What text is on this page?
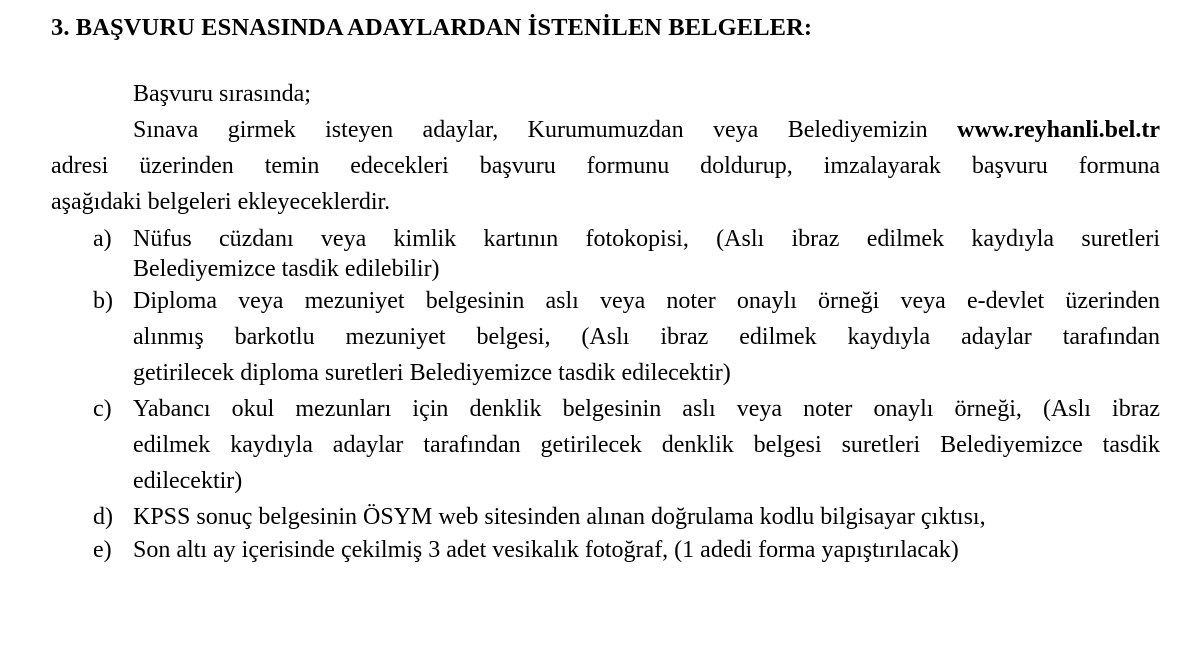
3. BAŞVURU ESNASINDA ADAYLARDAN İSTENİLEN BELGELER:
Başvuru sırasında;
Sınava girmek isteyen adaylar, Kurumumuzdan veya Belediyemizin www.reyhanli.bel.tr
adresi üzerinden temin edecekleri başvuru formunu doldurup, imzalayarak başvuru formuna
aşağıdaki belgeleri ekleyeceklerdir.
a) Nüfus cüzdanı veya kimlik kartının fotokopisi, (Aslı ibraz edilmek kaydıyla suretleri
Belediyemizce tasdik edilebilir)
b) Diploma veya mezuniyet belgesinin aslı veya noter onaylı örneği veya e-devlet üzerinden
alınmış barkotlu mezuniyet belgesi, (Aslı ibraz edilmek kaydıyla adaylar tarafından
getirilecek diploma suretleri Belediyemizce tasdik edilecektir)
c) Yabancı okul mezunları için denklik belgesinin aslı veya noter onaylı örneği, (Aslı ibraz
edilmek kaydıyla adaylar tarafından getirilecek denklik belgesi suretleri Belediyemizce tasdik
edilecektir)
d) KPSS sonuç belgesinin ÖSYM web sitesinden alınan doğrulama kodlu bilgisayar çıktısı,
e) Son altı ay içerisinde çekilmiş 3 adet vesikalık fotoğraf, (1 adedi forma yapıştırılacak)
